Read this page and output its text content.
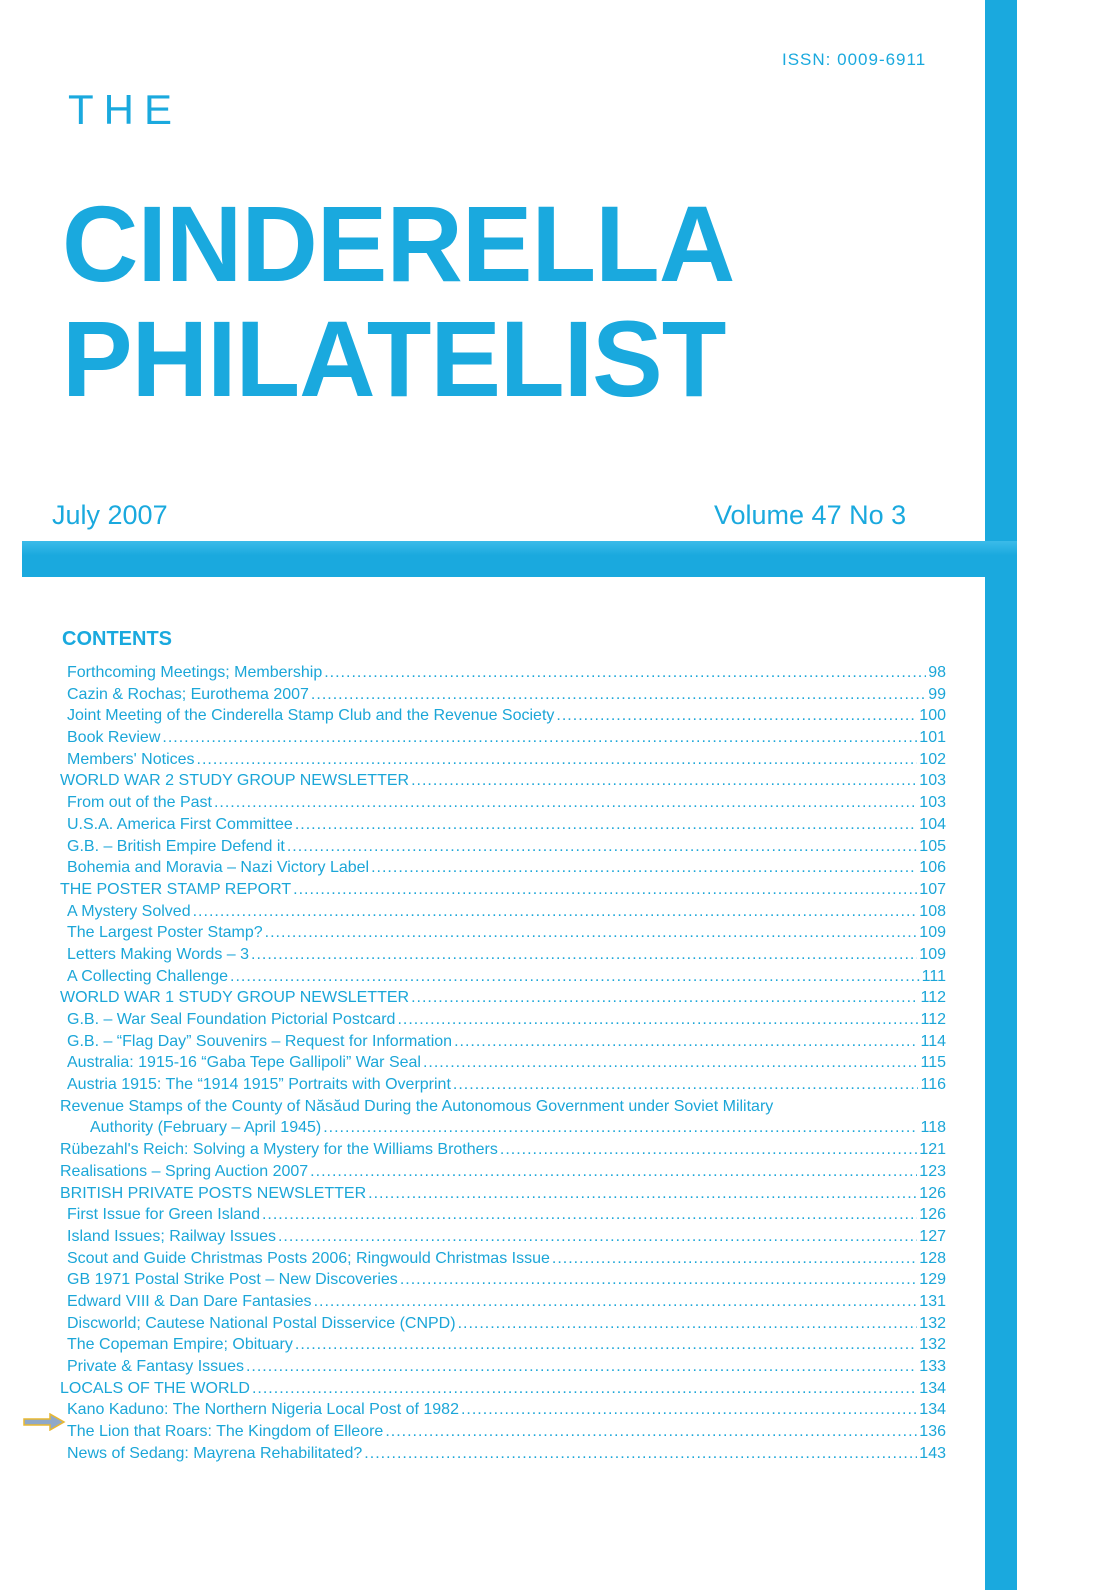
ISSN: 0009-6911
THE
CINDERELLA
PHILATELIST
July 2007	Volume 47 No 3
CONTENTS
Forthcoming Meetings; Membership .....	98
Cazin & Rochas; Eurothema 2007 .....	99
Joint Meeting of the Cinderella Stamp Club and the Revenue Society .....	100
Book Review .....	101
Members' Notices .....	102
WORLD WAR 2 STUDY GROUP NEWSLETTER .....	103
From out of the Past .....	103
U.S.A. America First Committee .....	104
G.B. – British Empire Defend it .....	105
Bohemia and Moravia – Nazi Victory Label .....	106
THE POSTER STAMP REPORT .....	107
A Mystery Solved .....	108
The Largest Poster Stamp? .....	109
Letters Making Words – 3 .....	109
A Collecting Challenge .....	111
WORLD WAR 1 STUDY GROUP NEWSLETTER .....	112
G.B. – War Seal Foundation Pictorial Postcard .....	112
G.B. – “Flag Day” Souvenirs – Request for Information .....	114
Australia: 1915-16 “Gaba Tepe Gallipoli” War Seal .....	115
Austria 1915: The “1914 1915” Portraits with Overprint .....	116
Revenue Stamps of the County of Năsăud During the Autonomous Government under Soviet Military
Authority (February – April 1945) .....	118
Rübezahl's Reich: Solving a Mystery for the Williams Brothers .....	121
Realisations – Spring Auction 2007 .....	123
BRITISH PRIVATE POSTS NEWSLETTER .....	126
First Issue for Green Island .....	126
Island Issues; Railway Issues .....	127
Scout and Guide Christmas Posts 2006; Ringwould Christmas Issue .....	128
GB 1971 Postal Strike Post – New Discoveries .....	129
Edward VIII & Dan Dare Fantasies .....	131
Discworld; Cautese National Postal Disservice (CNPD) .....	132
The Copeman Empire; Obituary .....	132
Private & Fantasy Issues .....	133
LOCALS OF THE WORLD .....	134
Kano Kaduno: The Northern Nigeria Local Post of 1982 .....	134
The Lion that Roars: The Kingdom of Elleore .....	136
News of Sedang: Mayrena Rehabilitated? .....	143
